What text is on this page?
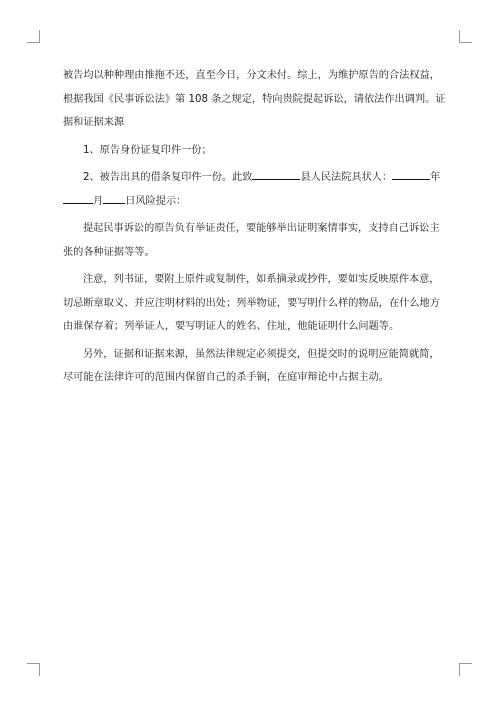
被告均以种种理由推拖不还，直至今日，分文未付。综上，为维护原告的合法权益，
根据我国《民事诉讼法》第 108 条之规定，特向贵院提起诉讼，请依法作出调判。证
据和证据来源
1、原告身份证复印件一份；
2、被告出具的借条复印件一份。此致	县人民法院具状人：	年
月 日风险提示：
提起民事诉讼的原告负有举证责任，要能够举出证明案情事实，支持自己诉讼主
张的各种证据等等。
注意，列书证，要附上原件或复制件，如系摘录或抄件，要如实反映原件本意，
切忌断章取义、并应注明材料的出处；列举物证，要写明什么样的物品，在什么地方
由谁保存着；列举证人，要写明证人的姓名、住址，他能证明什么问题等。
另外，证据和证据来源，虽然法律规定必须提交，但提交时的说明应能简就简，
尽可能在法律许可的范围内保留自己的杀手锏，在庭审辩论中占据主动。
